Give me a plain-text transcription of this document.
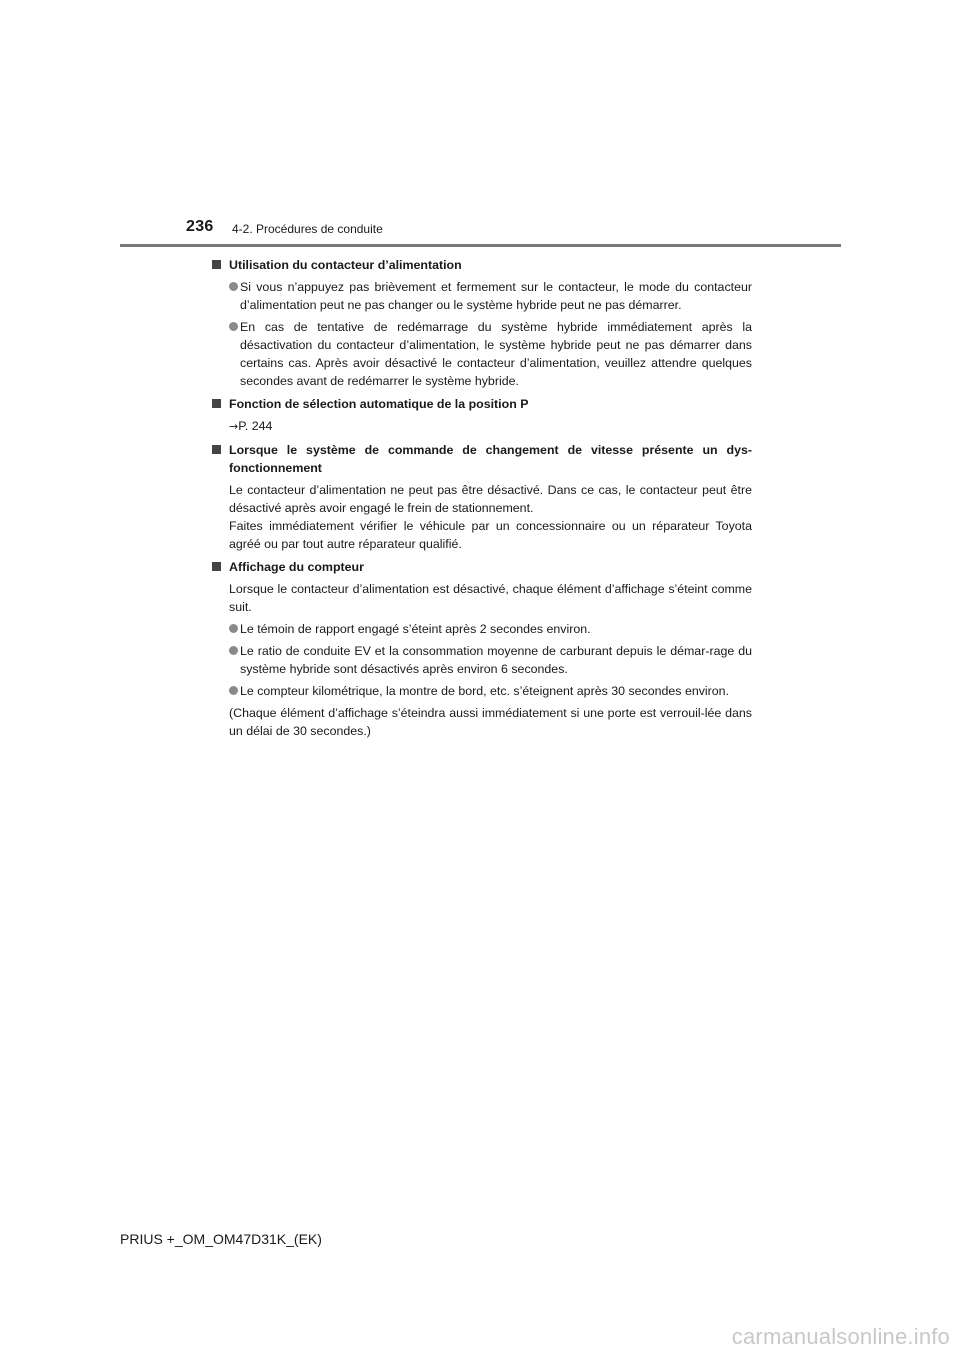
236 4-2. Procédures de conduite
Utilisation du contacteur d’alimentation
Si vous n’appuyez pas brièvement et fermement sur le contacteur, le mode du contacteur d’alimentation peut ne pas changer ou le système hybride peut ne pas démarrer.
En cas de tentative de redémarrage du système hybride immédiatement après la désactivation du contacteur d’alimentation, le système hybride peut ne pas démarrer dans certains cas. Après avoir désactivé le contacteur d’alimentation, veuillez attendre quelques secondes avant de redémarrer le système hybride.
Fonction de sélection automatique de la position P
→P. 244
Lorsque le système de commande de changement de vitesse présente un dys-fonctionnement
Le contacteur d’alimentation ne peut pas être désactivé. Dans ce cas, le contacteur peut être désactivé après avoir engagé le frein de stationnement.
Faites immédiatement vérifier le véhicule par un concessionnaire ou un réparateur Toyota agréé ou par tout autre réparateur qualifié.
Affichage du compteur
Lorsque le contacteur d’alimentation est désactivé, chaque élément d’affichage s’éteint comme suit.
Le témoin de rapport engagé s’éteint après 2 secondes environ.
Le ratio de conduite EV et la consommation moyenne de carburant depuis le démar-rage du système hybride sont désactivés après environ 6 secondes.
Le compteur kilométrique, la montre de bord, etc. s’éteignent après 30 secondes environ.
(Chaque élément d’affichage s’éteindra aussi immédiatement si une porte est verrouil-lée dans un délai de 30 secondes.)
PRIUS +_OM_OM47D31K_(EK)
carmanualsonline.info
